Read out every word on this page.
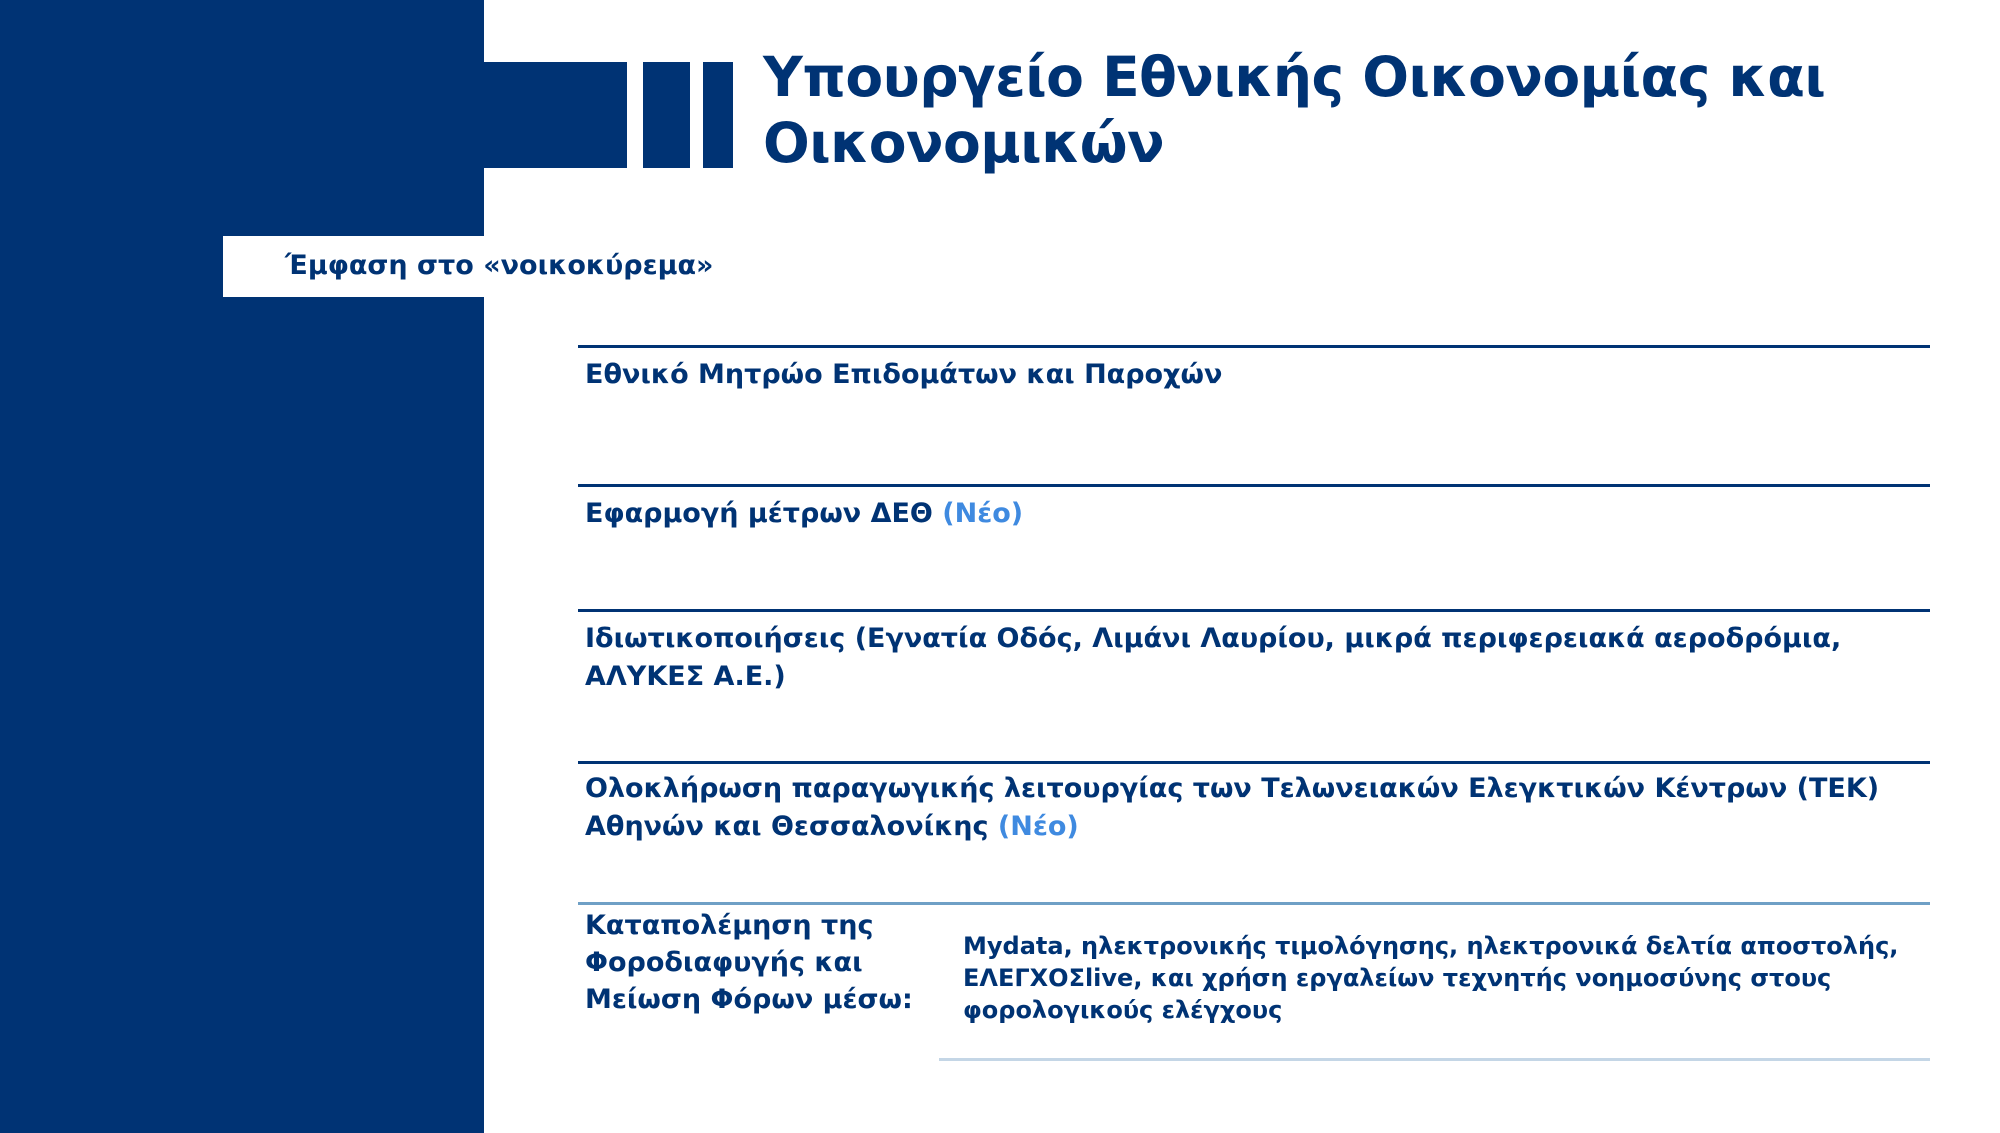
Υπουργείο Εθνικής Οικονομίας και Οικονομικών

Έμφαση στο «νοικοκύρεμα»

Εθνικό Μητρώο Επιδομάτων και Παροχών

Εφαρμογή μέτρων ΔΕΘ (Νέο)

Ιδιωτικοποιήσεις (Εγνατία Οδός, Λιμάνι Λαυρίου, μικρά περιφερειακά αεροδρόμια, ΑΛΥΚΕΣ Α.Ε.)

Ολοκλήρωση παραγωγικής λειτουργίας των Τελωνειακών Ελεγκτικών Κέντρων (ΤΕΚ) Αθηνών και Θεσσαλονίκης (Νέο)

Καταπολέμηση της Φοροδιαφυγής και Μείωση Φόρων μέσω:

Mydata, ηλεκτρονικής τιμολόγησης, ηλεκτρονικά δελτία αποστολής, ΕΛΕΓΧΟΣlive, και χρήση εργαλείων τεχνητής νοημοσύνης στους φορολογικούς ελέγχους
